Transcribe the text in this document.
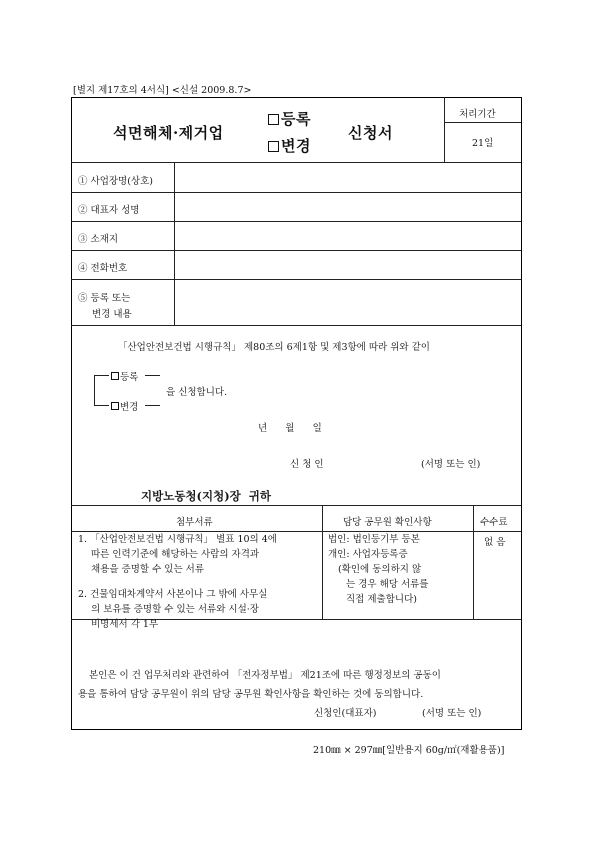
[별지 제17호의 4서식] <신설 2009.8.7>
석면해체·제거업
등록
변경
신청서
처리기간
21일
① 사업장명(상호)
② 대표자 성명
③ 소재지
④ 전화번호
⑤ 등록 또는
변경 내용
「산업안전보건법 시행규칙」 제80조의 6제1항 및 제3항에 따라 위와 같이
등록
변경
을 신청합니다.
년      월      일
신 청 인	(서명 또는 인)
지방노동청(지청)장  귀하
첨부서류	담당 공무원 확인사항	수수료
1. 「산업안전보건법 시행규칙」 별표 10의 4에
따른 인력기준에 해당하는 사람의 자격과
채용을 증명할 수 있는 서류
2. 건물임대차계약서 사본이나 그 밖에 사무실
의 보유를 증명할 수 있는 서류와 시설·장
비명세서 각 1부
법인: 법인등기부 등본
개인: 사업자등록증
(확인에 동의하지 않
는 경우 해당 서류를
직접 제출합니다)
없 음
본인은 이 건 업무처리와 관련하여 「전자정부법」 제21조에 따른 행정정보의 공동이
용을 통하여 담당 공무원이 위의 담당 공무원 확인사항을 확인하는 것에 동의합니다.
신청인(대표자)	(서명 또는 인)
210㎜ × 297㎜[일반용지 60g/㎡(재활용품)]
